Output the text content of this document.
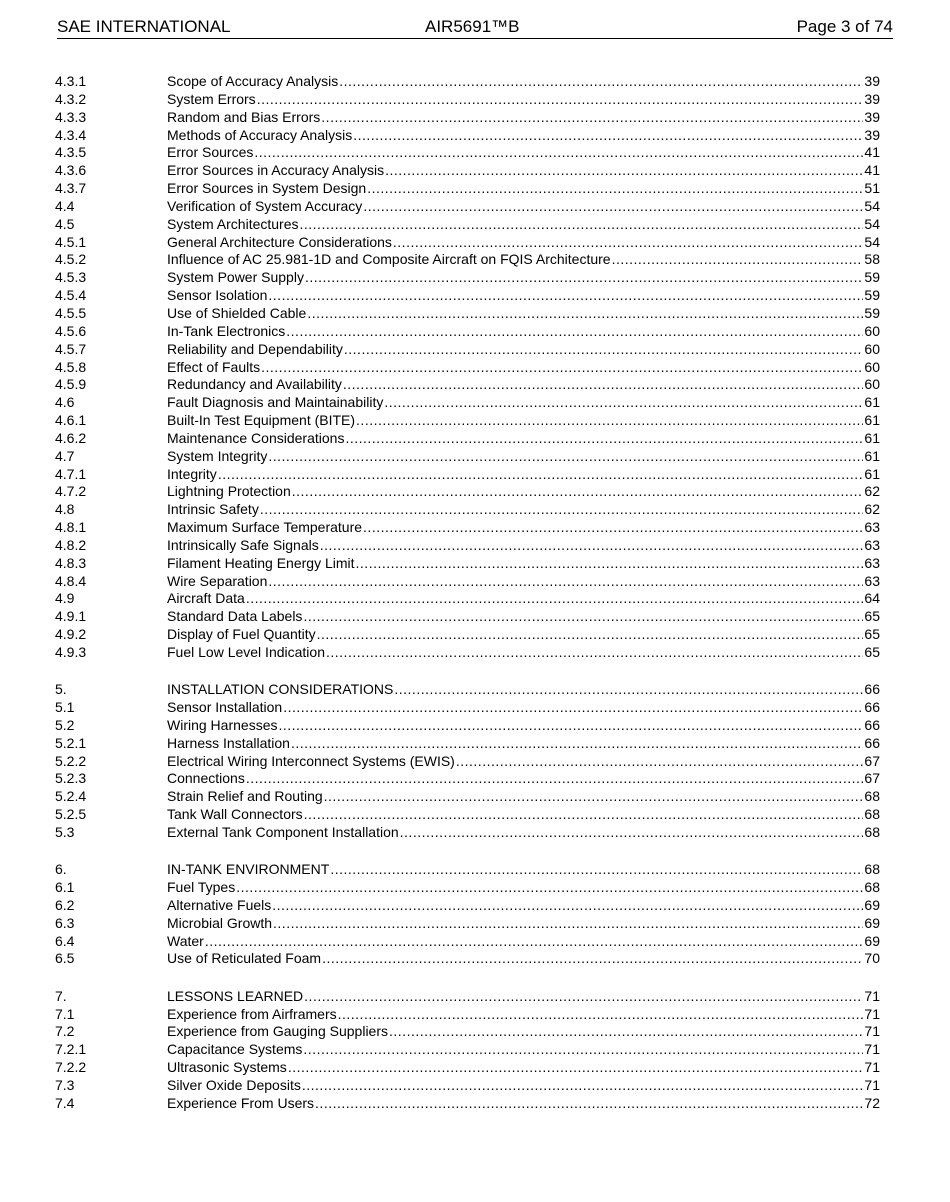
SAE INTERNATIONAL	AIR5691™B	Page 3 of 74
4.3.1	Scope of Accuracy Analysis .....	39
4.3.2	System Errors .....	39
4.3.3	Random and Bias Errors .....	39
4.3.4	Methods of Accuracy Analysis .....	39
4.3.5	Error Sources .....	41
4.3.6	Error Sources in Accuracy Analysis .....	41
4.3.7	Error Sources in System Design .....	51
4.4	Verification of System Accuracy .....	54
4.5	System Architectures .....	54
4.5.1	General Architecture Considerations .....	54
4.5.2	Influence of AC 25.981-1D and Composite Aircraft on FQIS Architecture .....	58
4.5.3	System Power Supply .....	59
4.5.4	Sensor Isolation .....	59
4.5.5	Use of Shielded Cable .....	59
4.5.6	In-Tank Electronics .....	60
4.5.7	Reliability and Dependability .....	60
4.5.8	Effect of Faults .....	60
4.5.9	Redundancy and Availability .....	60
4.6	Fault Diagnosis and Maintainability .....	61
4.6.1	Built-In Test Equipment (BITE) .....	61
4.6.2	Maintenance Considerations .....	61
4.7	System Integrity .....	61
4.7.1	Integrity .....	61
4.7.2	Lightning Protection .....	62
4.8	Intrinsic Safety .....	62
4.8.1	Maximum Surface Temperature .....	63
4.8.2	Intrinsically Safe Signals .....	63
4.8.3	Filament Heating Energy Limit .....	63
4.8.4	Wire Separation .....	63
4.9	Aircraft Data .....	64
4.9.1	Standard Data Labels .....	65
4.9.2	Display of Fuel Quantity .....	65
4.9.3	Fuel Low Level Indication .....	65
5.	INSTALLATION CONSIDERATIONS .....	66
5.1	Sensor Installation .....	66
5.2	Wiring Harnesses .....	66
5.2.1	Harness Installation .....	66
5.2.2	Electrical Wiring Interconnect Systems (EWIS) .....	67
5.2.3	Connections .....	67
5.2.4	Strain Relief and Routing .....	68
5.2.5	Tank Wall Connectors .....	68
5.3	External Tank Component Installation .....	68
6.	IN-TANK ENVIRONMENT .....	68
6.1	Fuel Types .....	68
6.2	Alternative Fuels .....	69
6.3	Microbial Growth .....	69
6.4	Water .....	69
6.5	Use of Reticulated Foam .....	70
7.	LESSONS LEARNED .....	71
7.1	Experience from Airframers .....	71
7.2	Experience from Gauging Suppliers .....	71
7.2.1	Capacitance Systems .....	71
7.2.2	Ultrasonic Systems .....	71
7.3	Silver Oxide Deposits .....	71
7.4	Experience From Users .....	72
